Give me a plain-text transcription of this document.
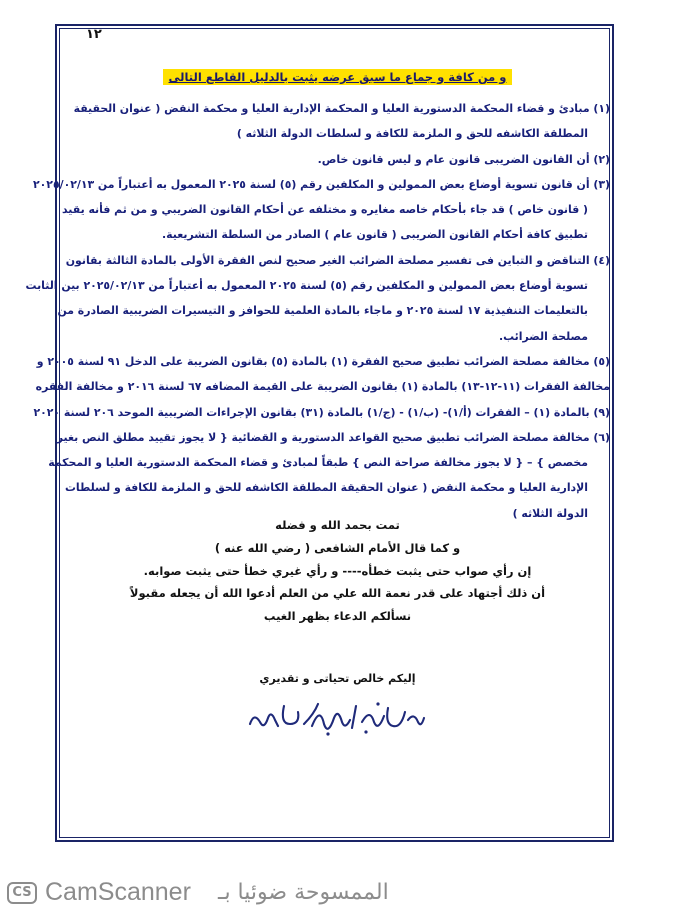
١٢
و من كافة و جماع ما سبق عرضه يثبت بالدليل القاطع التالى

(١) مبادئ و قضاء المحكمة الدستورية العليا و المحكمة الإدارية العليا و محكمة النقض ( عنوان الحقيقة

المطلقة الكاشفه للحق و الملزمة للكافة و لسلطات الدولة الثلاثه )

(٢) أن القانون الضريبى قانون عام و ليس قانون خاص.

(٣) أن قانون تسوية أوضاع بعض الممولين و المكلفين رقم (٥) لسنة ٢٠٢٥ المعمول به أعتباراً من ٢٠٢٥/٠٢/١٣

( قانون خاص ) قد جاء بأحكام خاصه مغايره و مختلفه عن أحكام القانون الضريبي و من ثم فأنه يقيد

تطبيق كافة أحكام القانون الضريبى ( قانون عام ) الصادر من السلطة التشريعية.

(٤) التناقض و التباين فى تفسير مصلحة الضرائب الغير صحيح لنص الفقرة الأولى بالمادة الثالثة بقانون

تسوية أوضاع بعض الممولين و المكلفين رقم (٥) لسنة ٢٠٢٥ المعمول به أعتباراً من ٢٠٢٥/٠٢/١٣ بين الثابت

بالتعليمات التنفيذية ١٧ لسنة ٢٠٢٥ و ماجاء بالمادة العلمية للحوافز و التيسيرات الضريبية الصادرة من

مصلحة الضرائب.

(٥) مخالفة مصلحة الضرائب تطبيق صحيح الفقرة (١) بالمادة (٥) بقانون الضريبة على الدخل ٩١ لسنة ٢٠٠٥ و

مخالفة الفقرات (١١-١٢-١٣) بالمادة (١) بقانون الضريبة على القيمة المضافه ٦٧ لسنة ٢٠١٦ و مخالفة الفقره

(٩) بالمادة (١) – الفقرات (أ/١)- (ب/١) - (ج/١) بالمادة (٣١) بقانون الإجراءات الضريبية الموحد ٢٠٦ لسنة ٢٠٢٠

(٦) مخالفة مصلحة الضرائب تطبيق صحيح القواعد الدستورية و القضائية { لا يجوز تقييد مطلق النص بغير

مخصص } – { لا يجوز مخالفة صراحة النص } طبقاً لمبادئ و قضاء المحكمة الدستورية العليا و المحكمة

الإدارية العليا و محكمة النقض ( عنوان الحقيقة المطلقة الكاشفه للحق و الملزمة للكافة و لسلطات

الدولة الثلاثه )

تمت بحمد الله و فضله

و كما قال الأمام الشافعى ( رضي الله عنه )

إن رأي صواب حتى يثبت خطأه---- و رأي غيري خطأ حتى يثبت صوابه.

أن ذلك أجتهاد على قدر نعمة الله علي من العلم أدعوا الله أن يجعله مقبولاً

نسألكم الدعاء بظهر الغيب

إليكم خالص تحياتى و تقديري
CS CamScanner الممسوحة ضوئيا بـ
